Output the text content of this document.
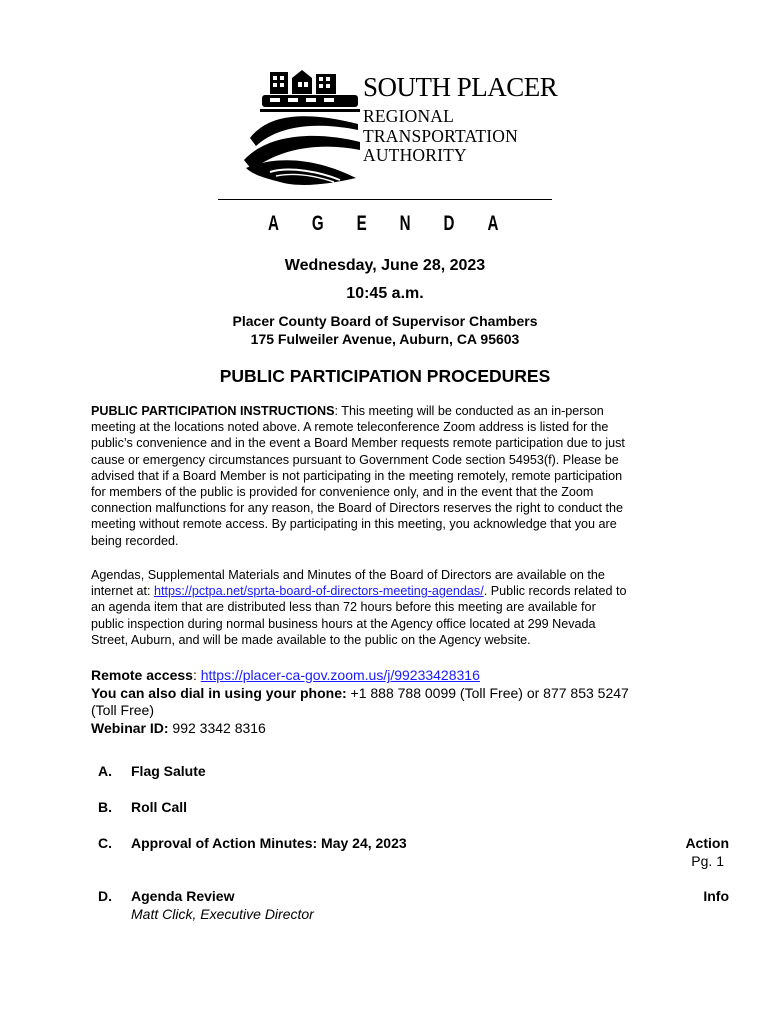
SOUTH PLACER
REGIONAL
TRANSPORTATION
AUTHORITY
A G E N D A
Wednesday, June 28, 2023
10:45 a.m.
Placer County Board of Supervisor Chambers
175 Fulweiler Avenue, Auburn, CA 95603
PUBLIC PARTICIPATION PROCEDURES
PUBLIC PARTICIPATION INSTRUCTIONS: This meeting will be conducted as an in-person
meeting at the locations noted above. A remote teleconference Zoom address is listed for the
public’s convenience and in the event a Board Member requests remote participation due to just
cause or emergency circumstances pursuant to Government Code section 54953(f). Please be
advised that if a Board Member is not participating in the meeting remotely, remote participation
for members of the public is provided for convenience only, and in the event that the Zoom
connection malfunctions for any reason, the Board of Directors reserves the right to conduct the
meeting without remote access. By participating in this meeting, you acknowledge that you are
being recorded.
Agendas, Supplemental Materials and Minutes of the Board of Directors are available on the
internet at: https://pctpa.net/sprta-board-of-directors-meeting-agendas/. Public records related to
an agenda item that are distributed less than 72 hours before this meeting are available for
public inspection during normal business hours at the Agency office located at 299 Nevada
Street, Auburn, and will be made available to the public on the Agency website.
Remote access: https://placer-ca-gov.zoom.us/j/99233428316
You can also dial in using your phone: +1 888 788 0099 (Toll Free) or 877 853 5247
(Toll Free)
Webinar ID: 992 3342 8316
A. Flag Salute
B. Roll Call
C. Approval of Action Minutes: May 24, 2023	Action
Pg. 1
D. Agenda Review
Matt Click, Executive Director
Info
